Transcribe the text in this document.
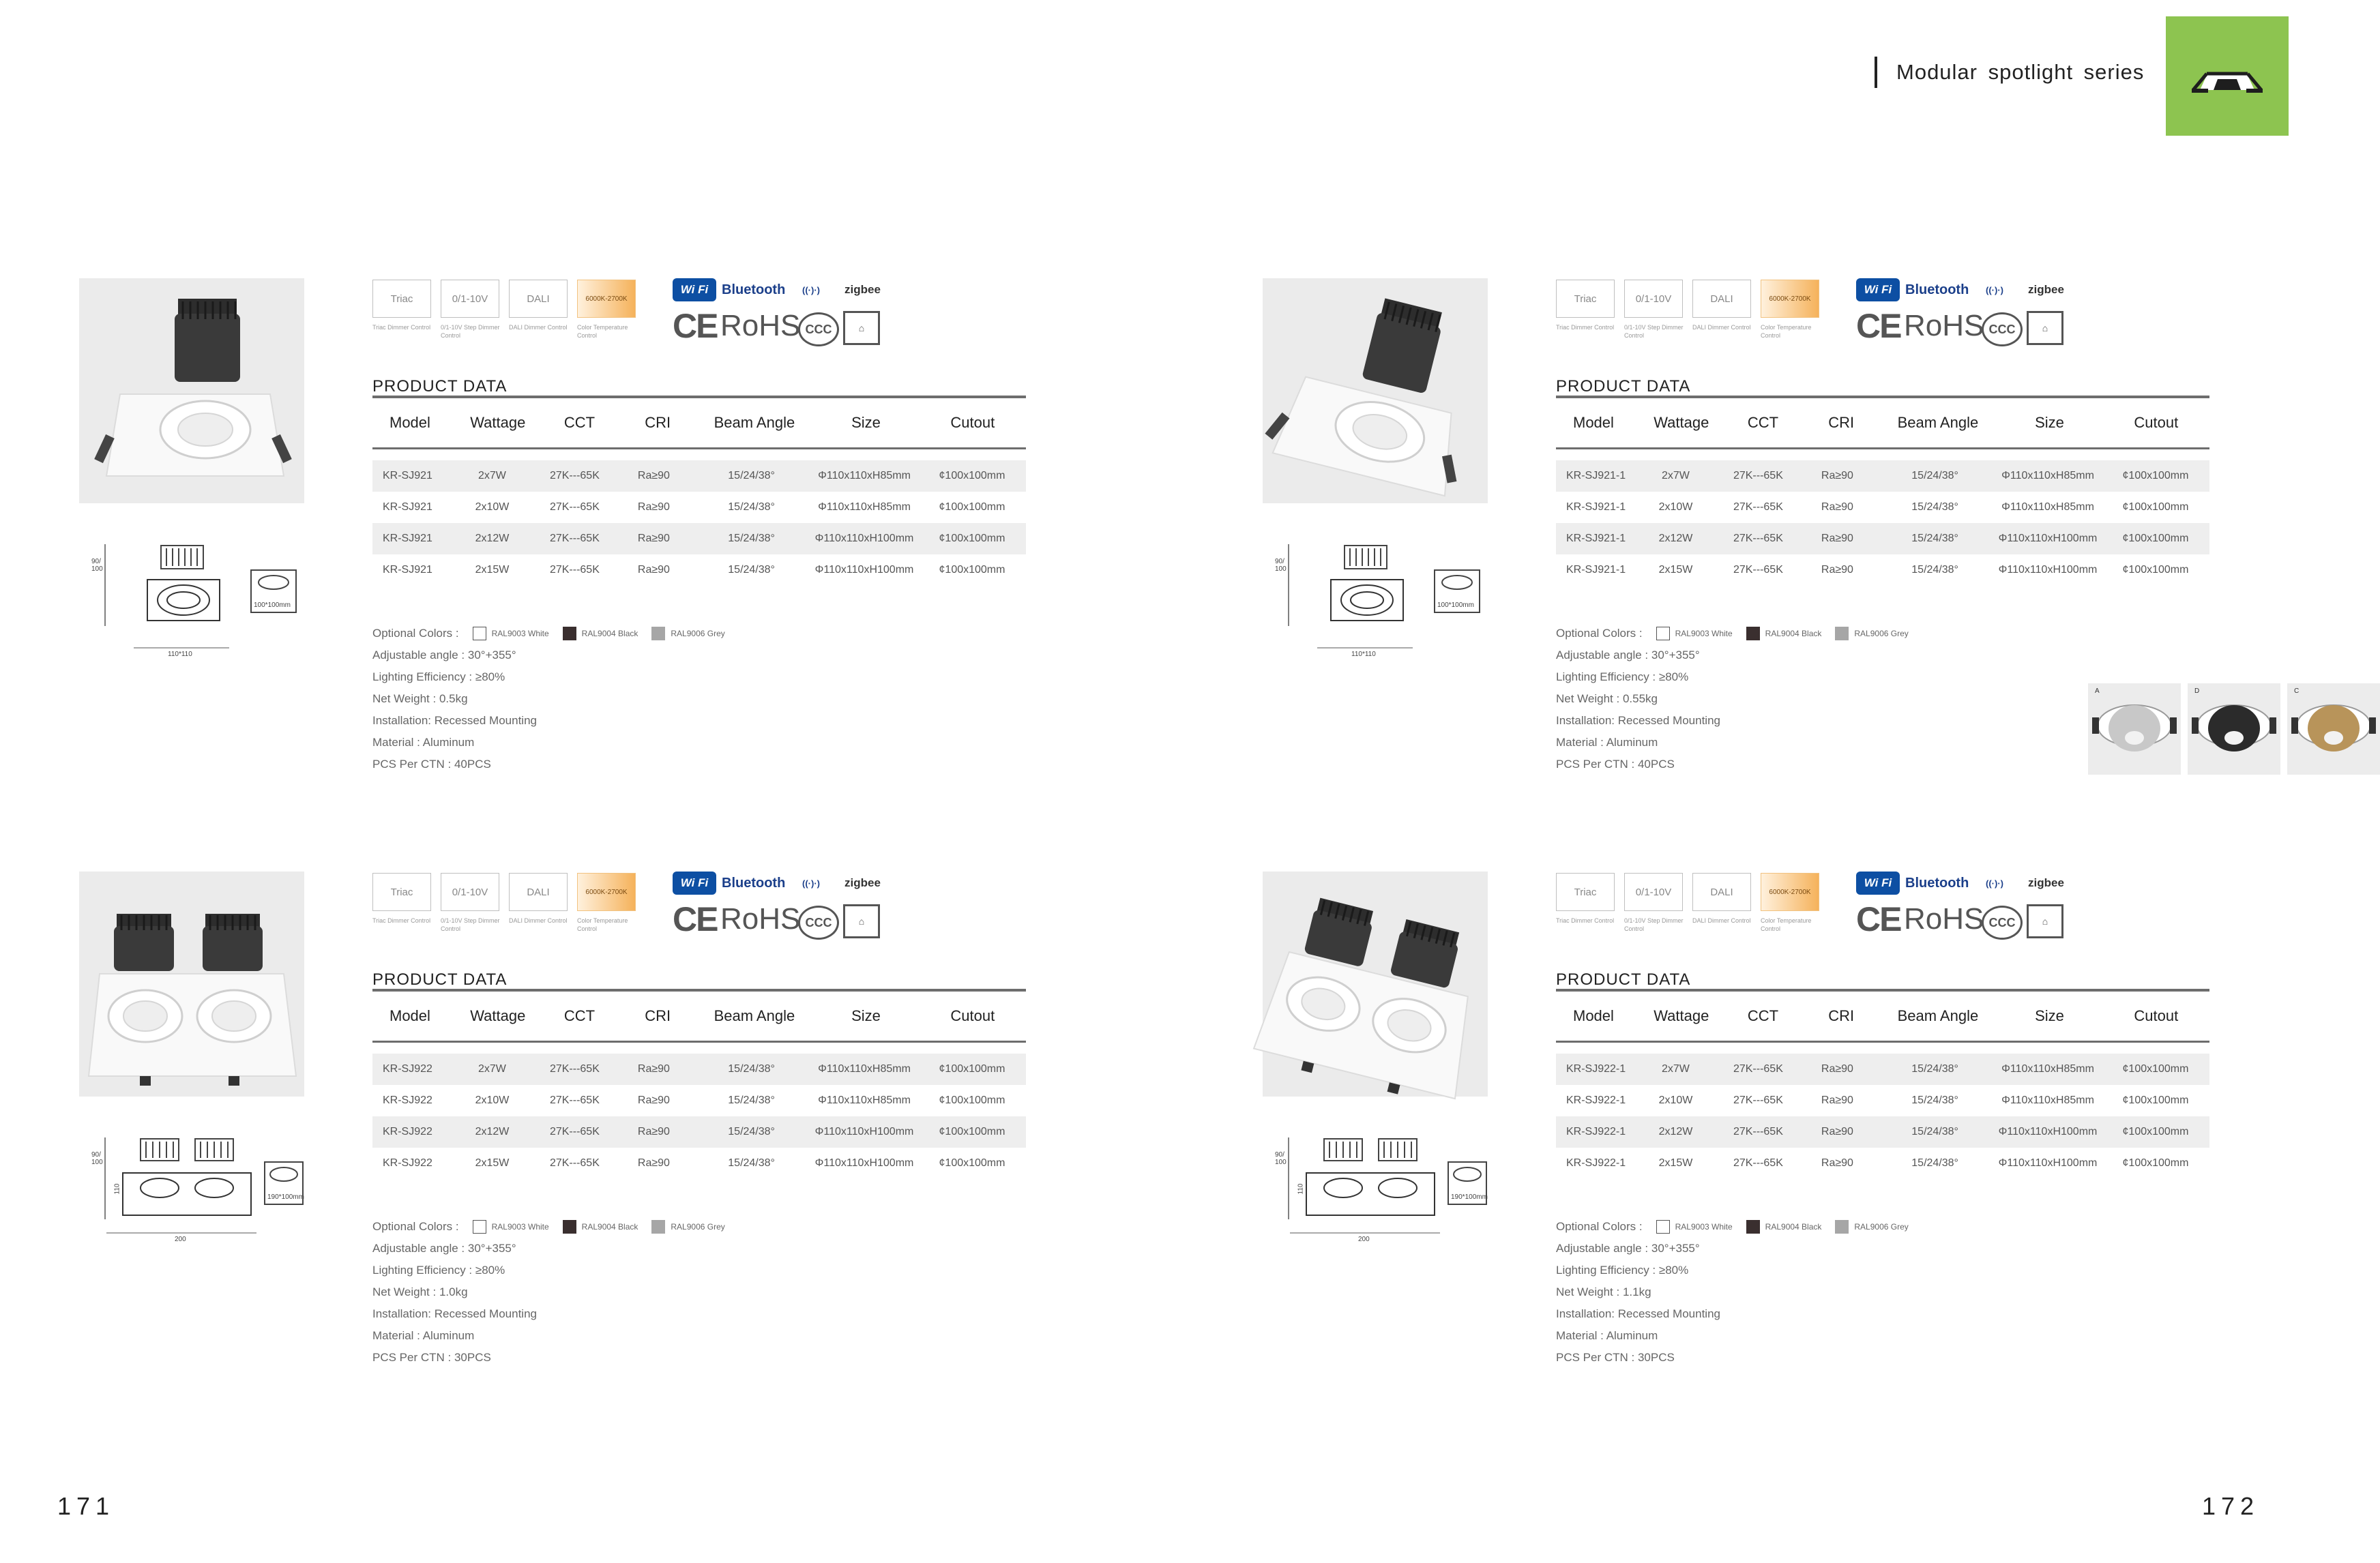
Modular spotlight series
90/ 100
110*110
100*100mm
Triac
Triac Dimmer Control
0/1-10V
0/1-10V Step Dimmer Control
DALI
DALI Dimmer Control
6000K-2700K
Color Temperature Control
Wi Fi Bluetooth ((·)·) zigbee
CE RoHS CCC	⌂
PRODUCT DATA
Model	Wattage	CCT	CRI	Beam Angle	Size	Cutout
KR-SJ921	2x7W	27K---65K	Ra≥90	15/24/38°	Φ110x110xH85mm	¢100x100mm
KR-SJ921	2x10W	27K---65K	Ra≥90	15/24/38°	Φ110x110xH85mm	¢100x100mm
KR-SJ921	2x12W	27K---65K	Ra≥90	15/24/38°	Φ110x110xH100mm	¢100x100mm
KR-SJ921	2x15W	27K---65K	Ra≥90	15/24/38°	Φ110x110xH100mm	¢100x100mm
Optional Colors :	RAL9003 White	RAL9004 Black	RAL9006 Grey
Adjustable angle : 30°+355°
Lighting Efficiency : ≥80%
Net Weight : 0.5kg
Installation: Recessed Mounting
Material : Aluminum
PCS Per CTN : 40PCS
90/ 100
110*110
100*100mm
Triac
Triac Dimmer Control
0/1-10V
0/1-10V Step Dimmer Control
DALI
DALI Dimmer Control
6000K-2700K
Color Temperature Control
Wi Fi Bluetooth ((·)·) zigbee
CE RoHS CCC	⌂
PRODUCT DATA
Model	Wattage	CCT	CRI	Beam Angle	Size	Cutout
KR-SJ921-1	2x7W	27K---65K	Ra≥90	15/24/38°	Φ110x110xH85mm	¢100x100mm
KR-SJ921-1	2x10W	27K---65K	Ra≥90	15/24/38°	Φ110x110xH85mm	¢100x100mm
KR-SJ921-1	2x12W	27K---65K	Ra≥90	15/24/38°	Φ110x110xH100mm	¢100x100mm
KR-SJ921-1	2x15W	27K---65K	Ra≥90	15/24/38°	Φ110x110xH100mm	¢100x100mm
Optional Colors :	RAL9003 White	RAL9004 Black	RAL9006 Grey
Adjustable angle : 30°+355°
Lighting Efficiency : ≥80%
Net Weight : 0.55kg
Installation: Recessed Mounting
Material : Aluminum
PCS Per CTN : 40PCS
A	D	C
90/ 100
110
200
190*100mm
Triac
Triac Dimmer Control
0/1-10V
0/1-10V Step Dimmer Control
DALI
DALI Dimmer Control
6000K-2700K
Color Temperature Control
Wi Fi Bluetooth ((·)·) zigbee
CE RoHS CCC	⌂
PRODUCT DATA
Model	Wattage	CCT	CRI	Beam Angle	Size	Cutout
KR-SJ922	2x7W	27K---65K	Ra≥90	15/24/38°	Φ110x110xH85mm	¢100x100mm
KR-SJ922	2x10W	27K---65K	Ra≥90	15/24/38°	Φ110x110xH85mm	¢100x100mm
KR-SJ922	2x12W	27K---65K	Ra≥90	15/24/38°	Φ110x110xH100mm	¢100x100mm
KR-SJ922	2x15W	27K---65K	Ra≥90	15/24/38°	Φ110x110xH100mm	¢100x100mm
Optional Colors :	RAL9003 White	RAL9004 Black	RAL9006 Grey
Adjustable angle : 30°+355°
Lighting Efficiency : ≥80%
Net Weight : 1.0kg
Installation: Recessed Mounting
Material : Aluminum
PCS Per CTN : 30PCS
90/ 100
110
200
190*100mm
Triac
Triac Dimmer Control
0/1-10V
0/1-10V Step Dimmer Control
DALI
DALI Dimmer Control
6000K-2700K
Color Temperature Control
Wi Fi Bluetooth ((·)·) zigbee
CE RoHS CCC	⌂
PRODUCT DATA
Model	Wattage	CCT	CRI	Beam Angle	Size	Cutout
KR-SJ922-1	2x7W	27K---65K	Ra≥90	15/24/38°	Φ110x110xH85mm	¢100x100mm
KR-SJ922-1	2x10W	27K---65K	Ra≥90	15/24/38°	Φ110x110xH85mm	¢100x100mm
KR-SJ922-1	2x12W	27K---65K	Ra≥90	15/24/38°	Φ110x110xH100mm	¢100x100mm
KR-SJ922-1	2x15W	27K---65K	Ra≥90	15/24/38°	Φ110x110xH100mm	¢100x100mm
Optional Colors :	RAL9003 White	RAL9004 Black	RAL9006 Grey
Adjustable angle : 30°+355°
Lighting Efficiency : ≥80%
Net Weight : 1.1kg
Installation: Recessed Mounting
Material : Aluminum
PCS Per CTN : 30PCS
171	172
